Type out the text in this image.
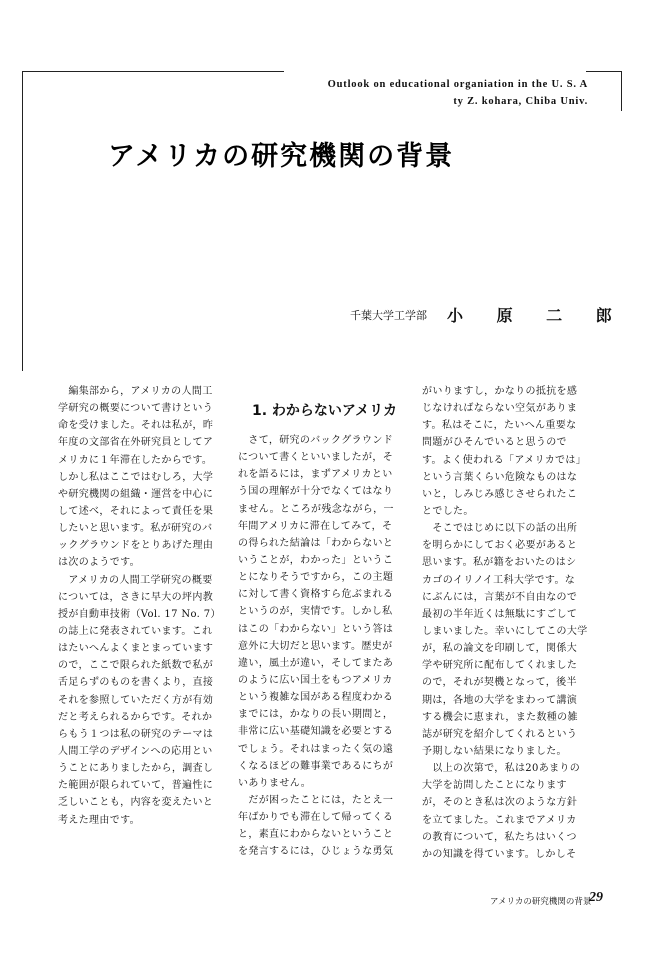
Outlook on educational organiation in the U. S. A
ty Z. kohara, Chiba Univ.
アメリカの研究機関の背景
千葉大学工学部 小 原 二 郎
1. わからないアメリカ
　編集部から，アメリカの人間工
学研究の概要について書けという
命を受けました。それは私が，昨
年度の文部省在外研究員としてア
メリカに１年滞在したからです。
しかし私はここではむしろ，大学
や研究機関の組織・運営を中心に
して述べ，それによって責任を果
したいと思います。私が研究のバ
ックグラウンドをとりあげた理由
は次のようです。
　アメリカの人間工学研究の概要
については，さきに早大の坪内教
授が自動車技術（Vol. 17 No. 7）
の誌上に発表されています。これ
はたいへんよくまとまっています
ので，ここで限られた紙数で私が
舌足らずのものを書くより，直接
それを参照していただく方が有効
だと考えられるからです。それか
らもう１つは私の研究のテーマは
人間工学のデザインへの応用とい
うことにありましたから，調査し
た範囲が限られていて，普遍性に
乏しいことも，内容を変えたいと
考えた理由です。
　さて，研究のバックグラウンド
について書くといいましたが，そ
れを語るには，まずアメリカとい
う国の理解が十分でなくてはなり
ません。ところが残念ながら，一
年間アメリカに滞在してみて，そ
の得られた結論は「わからないと
いうことが，わかった」というこ
とになりそうですから，この主題
に対して書く資格すら危ぶまれる
というのが，実情です。しかし私
はこの「わからない」という答は
意外に大切だと思います。歴史が
違い，風土が違い，そしてまたあ
のように広い国土をもつアメリカ
という複雑な国がある程度わかる
までには，かなりの長い期間と，
非常に広い基礎知識を必要とする
でしょう。それはまったく気の遠
くなるほどの難事業であるにちが
いありません。
　だが困ったことには，たとえ一
年ばかりでも滞在して帰ってくる
と，素直にわからないということ
を発言するには，ひじょうな勇気
がいりますし，かなりの抵抗を感
じなければならない空気がありま
す。私はそこに，たいへん重要な
問題がひそんでいると思うので
す。よく使われる「アメリカでは」
という言葉くらい危険なものはな
いと，しみじみ感じさせられたこ
とでした。
　そこではじめに以下の話の出所
を明らかにしておく必要があると
思います。私が籍をおいたのはシ
カゴのイリノイ工科大学です。な
にぶんには，言葉が不自由なので
最初の半年近くは無駄にすごして
しまいました。幸いにしてこの大学
が，私の論文を印刷して，関係大
学や研究所に配布してくれました
ので，それが契機となって，後半
期は，各地の大学をまわって講演
する機会に恵まれ，また数種の雑
誌が研究を紹介してくれるという
予期しない結果になりました。
　以上の次第で，私は20あまりの
大学を訪問したことになります
が，そのとき私は次のような方針
を立てました。これまでアメリカ
の教育について，私たちはいくつ
かの知識を得ています。しかしそ
アメリカの研究機関の背景
29
